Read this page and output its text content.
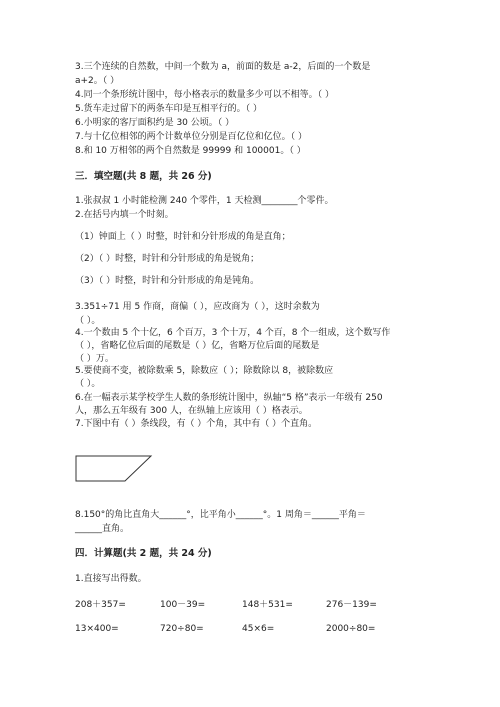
3.三个连续的自然数，中间一个数为 a，前面的数是 a-2，后面的一个数是
a+2。（ ）
4.同一个条形统计图中，每小格表示的数量多少可以不相等。（ ）
5.货车走过留下的两条车印是互相平行的。（ ）
6.小明家的客厅面积约是 30 公顷。（ ）
7.与十亿位相邻的两个计数单位分别是百亿位和亿位。（ ）
8.和 10 万相邻的两个自然数是 99999 和 100001。（ ）
三．填空题(共 8 题，共 26 分)
1.张叔叔 1 小时能检测 240 个零件，1 天检测________个零件。
2.在括号内填一个时刻。
（1）钟面上（ ）时整，时针和分针形成的角是直角；
（2）（ ）时整，时针和分针形成的角是锐角；
（3）（ ）时整，时针和分针形成的角是钝角。
3.351÷71 用 5 作商，商偏（ ），应改商为（ ），这时余数为
（ ）。
4.一个数由 5 个十亿，6 个百万，3 个十万，4 个百，8 个一组成，这个数写作
（ ），省略亿位后面的尾数是（ ）亿，省略万位后面的尾数是
（ ）万。
5.要使商不变，被除数乘 5，除数应（ ）；除数除以 8，被除数应
（ ）。
6.在一幅表示某学校学生人数的条形统计图中，纵轴“5 格”表示一年级有 250
人，那么五年级有 300 人，在纵轴上应该用（ ）格表示。
7.下图中有（ ）条线段，有（ ）个角，其中有（ ）个直角。
8.150°的角比直角大______°，比平角小______°。1 周角＝______平角＝
______直角。
四．计算题(共 2 题，共 24 分)
1.直接写出得数。
208＋357=	100－39=	148＋531=	276－139=
13×400=	720÷80=	45×6=	2000÷80=
